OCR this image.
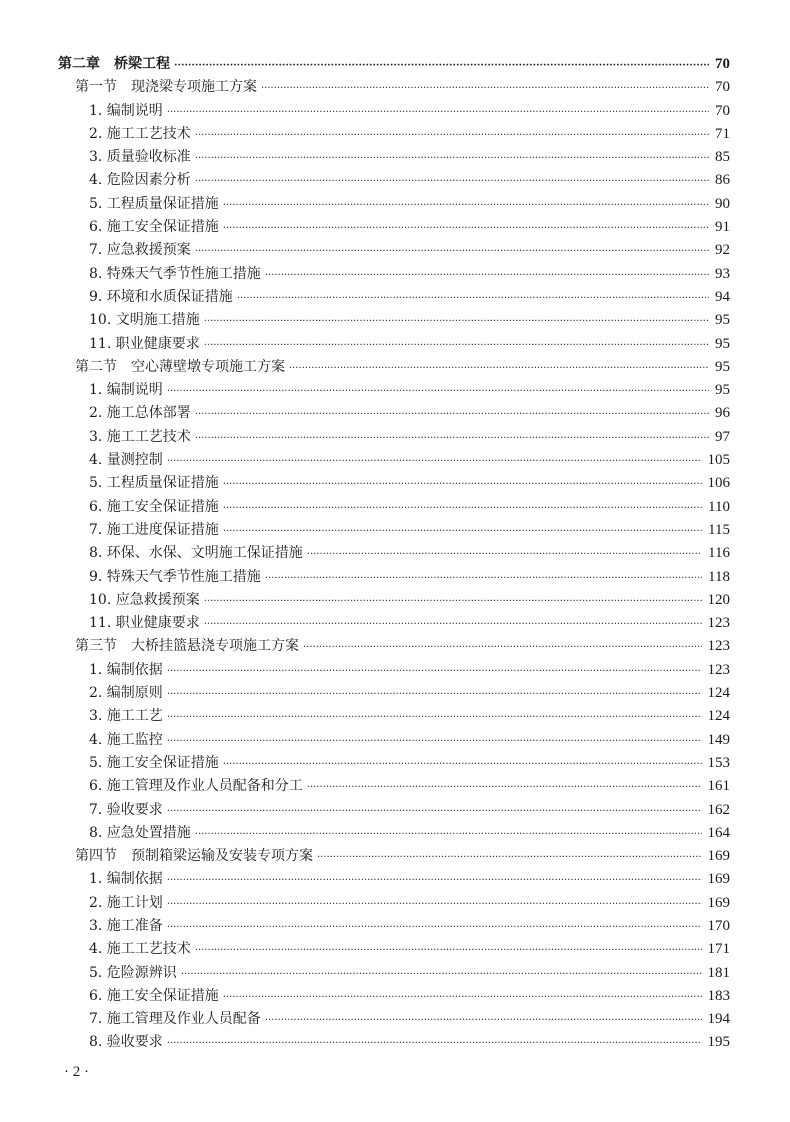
第二章　桥梁工程 ·····	70
第一节　现浇梁专项施工方案 ·····	70
1. 编制说明 ·····	70
2. 施工工艺技术 ·····	71
3. 质量验收标准 ·····	85
4. 危险因素分析 ·····	86
5. 工程质量保证措施 ·····	90
6. 施工安全保证措施 ·····	91
7. 应急救援预案 ·····	92
8. 特殊天气季节性施工措施 ·····	93
9. 环境和水质保证措施 ·····	94
10. 文明施工措施 ·····	95
11. 职业健康要求 ·····	95
第二节　空心薄壁墩专项施工方案 ·····	95
1. 编制说明 ·····	95
2. 施工总体部署 ·····	96
3. 施工工艺技术 ·····	97
4. 量测控制 ·····	105
5. 工程质量保证措施 ·····	106
6. 施工安全保证措施 ·····	110
7. 施工进度保证措施 ·····	115
8. 环保、水保、文明施工保证措施 ·····	116
9. 特殊天气季节性施工措施 ·····	118
10. 应急救援预案 ·····	120
11. 职业健康要求 ·····	123
第三节　大桥挂篮悬浇专项施工方案 ·····	123
1. 编制依据 ·····	123
2. 编制原则 ·····	124
3. 施工工艺 ·····	124
4. 施工监控 ·····	149
5. 施工安全保证措施 ·····	153
6. 施工管理及作业人员配备和分工 ·····	161
7. 验收要求 ·····	162
8. 应急处置措施 ·····	164
第四节　预制箱梁运输及安装专项方案 ·····	169
1. 编制依据 ·····	169
2. 施工计划 ·····	169
3. 施工准备 ·····	170
4. 施工工艺技术 ·····	171
5. 危险源辨识 ·····	181
6. 施工安全保证措施 ·····	183
7. 施工管理及作业人员配备 ·····	194
8. 验收要求 ·····	195
· 2 ·
